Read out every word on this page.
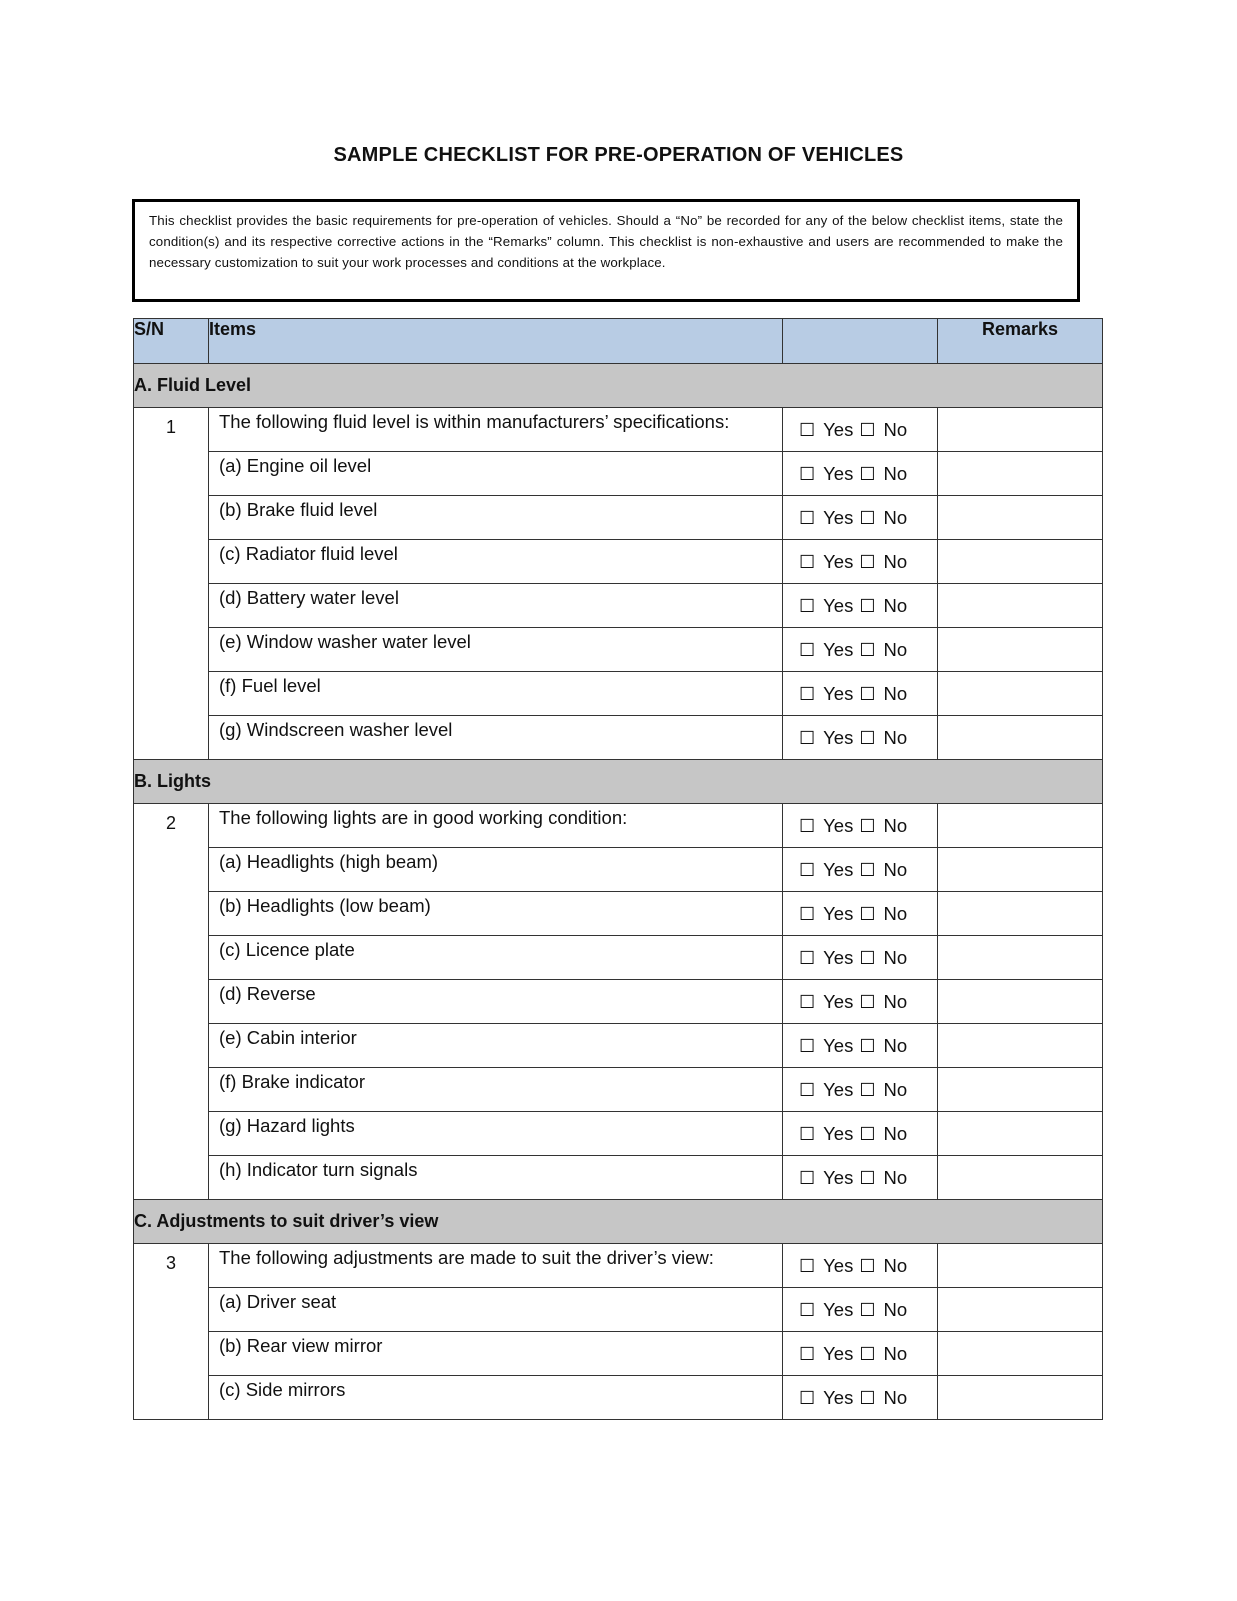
SAMPLE CHECKLIST FOR PRE-OPERATION OF VEHICLES
This checklist provides the basic requirements for pre-operation of vehicles. Should a “No” be recorded for any of the below checklist items, state the condition(s) and its respective corrective actions in the “Remarks” column. This checklist is non-exhaustive and users are recommended to make the necessary customization to suit your work processes and conditions at the workplace.
S/N	Items		Remarks
A. Fluid Level			
1	The following fluid level is within manufacturers’ specifications:	☐ Yes ☐ No	
	(a) Engine oil level	☐ Yes ☐ No	
	(b) Brake fluid level	☐ Yes ☐ No	
	(c) Radiator fluid level	☐ Yes ☐ No	
	(d) Battery water level	☐ Yes ☐ No	
	(e) Window washer water level	☐ Yes ☐ No	
	(f) Fuel level	☐ Yes ☐ No	
	(g) Windscreen washer level	☐ Yes ☐ No	
B. Lights			
2	The following lights are in good working condition:	☐ Yes ☐ No	
	(a) Headlights (high beam)	☐ Yes ☐ No	
	(b) Headlights (low beam)	☐ Yes ☐ No	
	(c) Licence plate	☐ Yes ☐ No	
	(d) Reverse	☐ Yes ☐ No	
	(e) Cabin interior	☐ Yes ☐ No	
	(f) Brake indicator	☐ Yes ☐ No	
	(g) Hazard lights	☐ Yes ☐ No	
	(h) Indicator turn signals	☐ Yes ☐ No	
C. Adjustments to suit driver’s view			
3	The following adjustments are made to suit the driver’s view:	☐ Yes ☐ No	
	(a) Driver seat	☐ Yes ☐ No	
	(b) Rear view mirror	☐ Yes ☐ No	
	(c) Side mirrors	☐ Yes ☐ No	
